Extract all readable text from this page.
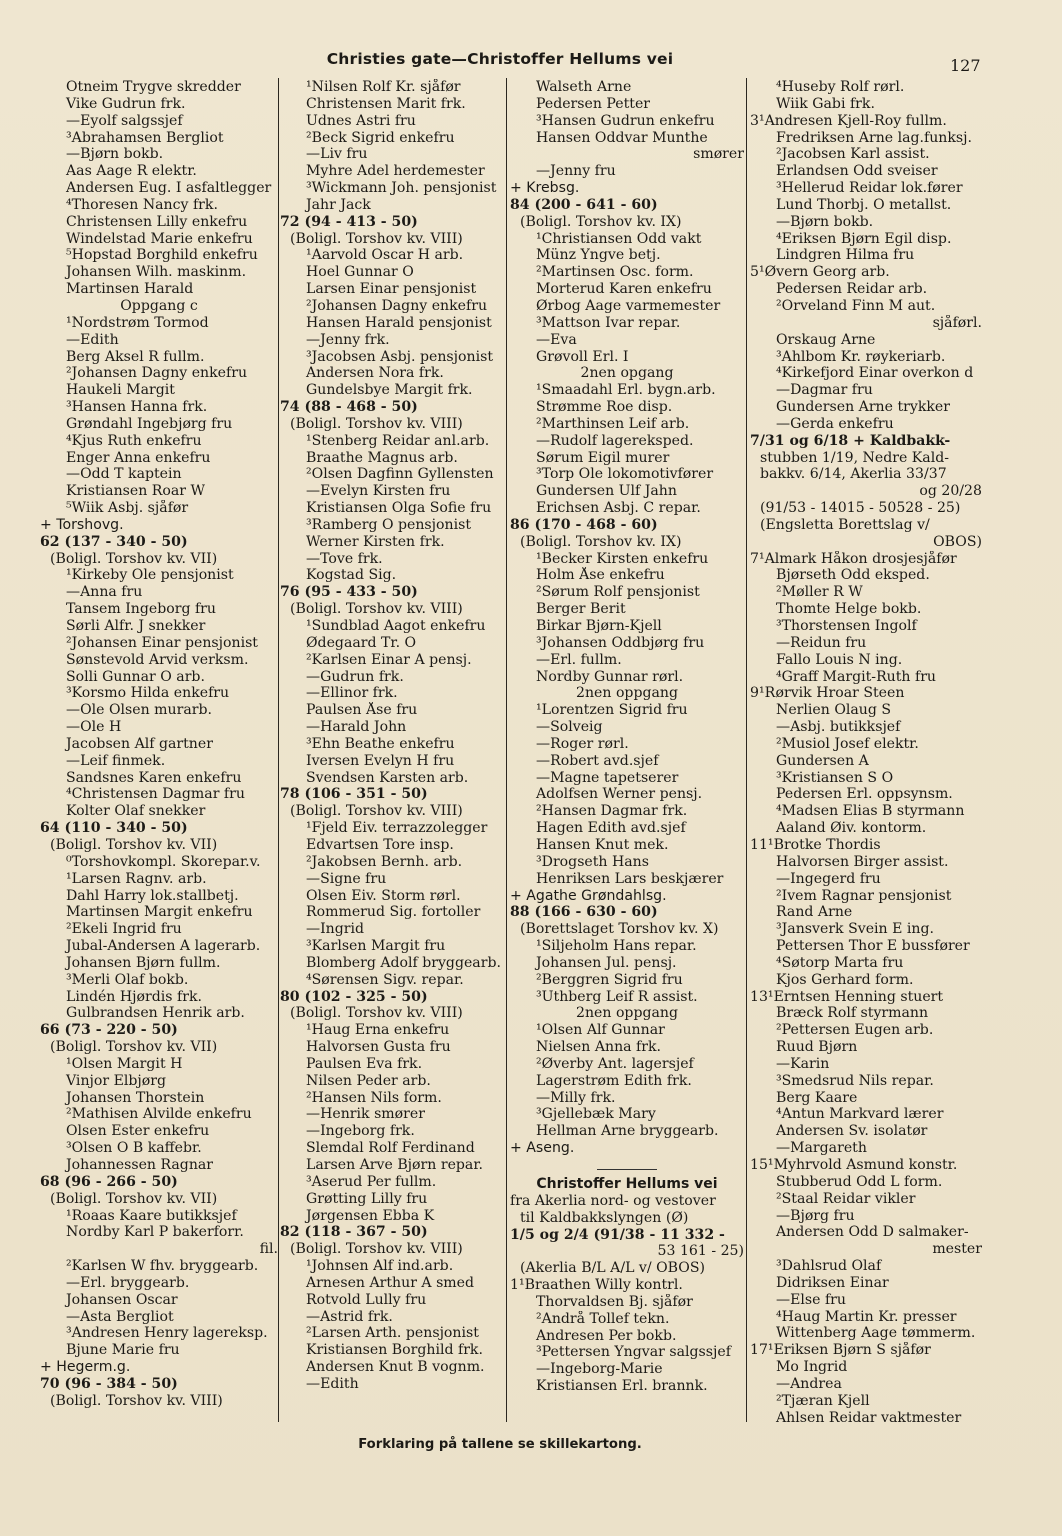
Christies gate—Christoffer Hellums vei	127
Otneim Trygve skredder
Vike Gudrun frk.
—Eyolf salgssjef
³Abrahamsen Bergliot
—Bjørn bokb.
Aas Aage R elektr.
Andersen Eug. I asfaltlegger
⁴Thoresen Nancy frk.
Christensen Lilly enkefru
Windelstad Marie enkefru
⁵Hopstad Borghild enkefru
Johansen Wilh. maskinm.
Martinsen Harald
Oppgang c
¹Nordstrøm Tormod
—Edith
Berg Aksel R fullm.
²Johansen Dagny enkefru
Haukeli Margit
³Hansen Hanna frk.
Grøndahl Ingebjørg fru
⁴Kjus Ruth enkefru
Enger Anna enkefru
—Odd T kaptein
Kristiansen Roar W
⁵Wiik Asbj. sjåfør
+ Torshovg.
62 (137 - 340 - 50)
(Boligl. Torshov kv. VII)
¹Kirkeby Ole pensjonist
—Anna fru
Tansem Ingeborg fru
Sørli Alfr. J snekker
²Johansen Einar pensjonist
Sønstevold Arvid verksm.
Solli Gunnar O arb.
³Korsmo Hilda enkefru
—Ole Olsen murarb.
—Ole H
Jacobsen Alf gartner
—Leif finmek.
Sandsnes Karen enkefru
⁴Christensen Dagmar fru
Kolter Olaf snekker
64 (110 - 340 - 50)
(Boligl. Torshov kv. VII)
⁰Torshovkompl. Skorepar.v.
¹Larsen Ragnv. arb.
Dahl Harry lok.stallbetj.
Martinsen Margit enkefru
²Ekeli Ingrid fru
Jubal-Andersen A lagerarb.
Johansen Bjørn fullm.
³Merli Olaf bokb.
Lindén Hjørdis frk.
Gulbrandsen Henrik arb.
66 (73 - 220 - 50)
(Boligl. Torshov kv. VII)
¹Olsen Margit H
Vinjor Elbjørg
Johansen Thorstein
²Mathisen Alvilde enkefru
Olsen Ester enkefru
³Olsen O B kaffebr.
Johannessen Ragnar
68 (96 - 266 - 50)
(Boligl. Torshov kv. VII)
¹Roaas Kaare butikksjef
Nordby Karl P bakerforr.
fil.
²Karlsen W fhv. bryggearb.
—Erl. bryggearb.
Johansen Oscar
—Asta Bergliot
³Andresen Henry lagereksp.
Bjune Marie fru
+ Hegerm.g.
70 (96 - 384 - 50)
(Boligl. Torshov kv. VIII)
¹Nilsen Rolf Kr. sjåfør
Christensen Marit frk.
Udnes Astri fru
²Beck Sigrid enkefru
—Liv fru
Myhre Adel herdemester
³Wickmann Joh. pensjonist
Jahr Jack
72 (94 - 413 - 50)
(Boligl. Torshov kv. VIII)
¹Aarvold Oscar H arb.
Hoel Gunnar O
Larsen Einar pensjonist
²Johansen Dagny enkefru
Hansen Harald pensjonist
—Jenny frk.
³Jacobsen Asbj. pensjonist
Andersen Nora frk.
Gundelsbye Margit frk.
74 (88 - 468 - 50)
(Boligl. Torshov kv. VIII)
¹Stenberg Reidar anl.arb.
Braathe Magnus arb.
²Olsen Dagfinn Gyllensten
—Evelyn Kirsten fru
Kristiansen Olga Sofie fru
³Ramberg O pensjonist
Werner Kirsten frk.
—Tove frk.
Kogstad Sig.
76 (95 - 433 - 50)
(Boligl. Torshov kv. VIII)
¹Sundblad Aagot enkefru
Ødegaard Tr. O
²Karlsen Einar A pensj.
—Gudrun frk.
—Ellinor frk.
Paulsen Åse fru
—Harald John
³Ehn Beathe enkefru
Iversen Evelyn H fru
Svendsen Karsten arb.
78 (106 - 351 - 50)
(Boligl. Torshov kv. VIII)
¹Fjeld Eiv. terrazzolegger
Edvartsen Tore insp.
²Jakobsen Bernh. arb.
—Signe fru
Olsen Eiv. Storm rørl.
Rommerud Sig. fortoller
—Ingrid
³Karlsen Margit fru
Blomberg Adolf bryggearb.
⁴Sørensen Sigv. repar.
80 (102 - 325 - 50)
(Boligl. Torshov kv. VIII)
¹Haug Erna enkefru
Halvorsen Gusta fru
Paulsen Eva frk.
Nilsen Peder arb.
²Hansen Nils form.
—Henrik smører
—Ingeborg frk.
Slemdal Rolf Ferdinand
Larsen Arve Bjørn repar.
³Aserud Per fullm.
Grøtting Lilly fru
Jørgensen Ebba K
82 (118 - 367 - 50)
(Boligl. Torshov kv. VIII)
¹Johnsen Alf ind.arb.
Arnesen Arthur A smed
Rotvold Lully fru
—Astrid frk.
²Larsen Arth. pensjonist
Kristiansen Borghild frk.
Andersen Knut B vognm.
—Edith
Walseth Arne
Pedersen Petter
³Hansen Gudrun enkefru
Hansen Oddvar Munthe
smører
—Jenny fru
+ Krebsg.
84 (200 - 641 - 60)
(Boligl. Torshov kv. IX)
¹Christiansen Odd vakt
Münz Yngve betj.
²Martinsen Osc. form.
Morterud Karen enkefru
Ørbog Aage varmemester
³Mattson Ivar repar.
—Eva
Grøvoll Erl. I
2nen opgang
¹Smaadahl Erl. bygn.arb.
Strømme Roe disp.
²Marthinsen Leif arb.
—Rudolf lagereksped.
Sørum Eigil murer
³Torp Ole lokomotivfører
Gundersen Ulf Jahn
Erichsen Asbj. C repar.
86 (170 - 468 - 60)
(Boligl. Torshov kv. IX)
¹Becker Kirsten enkefru
Holm Åse enkefru
²Sørum Rolf pensjonist
Berger Berit
Birkar Bjørn-Kjell
³Johansen Oddbjørg fru
—Erl. fullm.
Nordby Gunnar rørl.
2nen oppgang
¹Lorentzen Sigrid fru
—Solveig
—Roger rørl.
—Robert avd.sjef
—Magne tapetserer
Adolfsen Werner pensj.
²Hansen Dagmar frk.
Hagen Edith avd.sjef
Hansen Knut mek.
³Drogseth Hans
Henriksen Lars beskjærer
+ Agathe Grøndahlsg.
88 (166 - 630 - 60)
(Borettslaget Torshov kv. X)
¹Siljeholm Hans repar.
Johansen Jul. pensj.
²Berggren Sigrid fru
³Uthberg Leif R assist.
2nen oppgang
¹Olsen Alf Gunnar
Nielsen Anna frk.
²Øverby Ant. lagersjef
Lagerstrøm Edith frk.
—Milly frk.
³Gjellebæk Mary
Hellman Arne bryggearb.
+ Aseng.
Christoffer Hellums vei
fra Akerlia nord- og vestover
til Kaldbakkslyngen (Ø)
1/5 og 2/4 (91/38 - 11 332 -
53 161 - 25)
(Akerlia B/L A/L v/ OBOS)
1¹Braathen Willy kontrl.
Thorvaldsen Bj. sjåfør
²Andrå Tollef tekn.
Andresen Per bokb.
³Pettersen Yngvar salgssjef
—Ingeborg-Marie
Kristiansen Erl. brannk.
⁴Huseby Rolf rørl.
Wiik Gabi frk.
3¹Andresen Kjell-Roy fullm.
Fredriksen Arne lag.funksj.
²Jacobsen Karl assist.
Erlandsen Odd sveiser
³Hellerud Reidar lok.fører
Lund Thorbj. O metallst.
—Bjørn bokb.
⁴Eriksen Bjørn Egil disp.
Lindgren Hilma fru
5¹Øvern Georg arb.
Pedersen Reidar arb.
²Orveland Finn M aut.
sjåførl.
Orskaug Arne
³Ahlbom Kr. røykeriarb.
⁴Kirkefjord Einar overkon d
—Dagmar fru
Gundersen Arne trykker
—Gerda enkefru
7/31 og 6/18 + Kaldbakk-
stubben 1/19, Nedre Kald-
bakkv. 6/14, Akerlia 33/37
og 20/28
(91/53 - 14015 - 50528 - 25)
(Engsletta Borettslag v/
OBOS)
7¹Almark Håkon drosjesjåfør
Bjørseth Odd eksped.
²Møller R W
Thomte Helge bokb.
³Thorstensen Ingolf
—Reidun fru
Fallo Louis N ing.
⁴Graff Margit-Ruth fru
9¹Rørvik Hroar Steen
Nerlien Olaug S
—Asbj. butikksjef
²Musiol Josef elektr.
Gundersen A
³Kristiansen S O
Pedersen Erl. oppsynsm.
⁴Madsen Elias B styrmann
Aaland Øiv. kontorm.
11¹Brotke Thordis
Halvorsen Birger assist.
—Ingegerd fru
²Ivem Ragnar pensjonist
Rand Arne
³Jansverk Svein E ing.
Pettersen Thor E bussfører
⁴Søtorp Marta fru
Kjos Gerhard form.
13¹Erntsen Henning stuert
Bræck Rolf styrmann
²Pettersen Eugen arb.
Ruud Bjørn
—Karin
³Smedsrud Nils repar.
Berg Kaare
⁴Antun Markvard lærer
Andersen Sv. isolatør
—Margareth
15¹Myhrvold Asmund konstr.
Stubberud Odd L form.
²Staal Reidar vikler
—Bjørg fru
Andersen Odd D salmaker-
mester
³Dahlsrud Olaf
Didriksen Einar
—Else fru
⁴Haug Martin Kr. presser
Wittenberg Aage tømmerm.
17¹Eriksen Bjørn S sjåfør
Mo Ingrid
—Andrea
²Tjæran Kjell
Ahlsen Reidar vaktmester
Forklaring på tallene se skillekartong.
